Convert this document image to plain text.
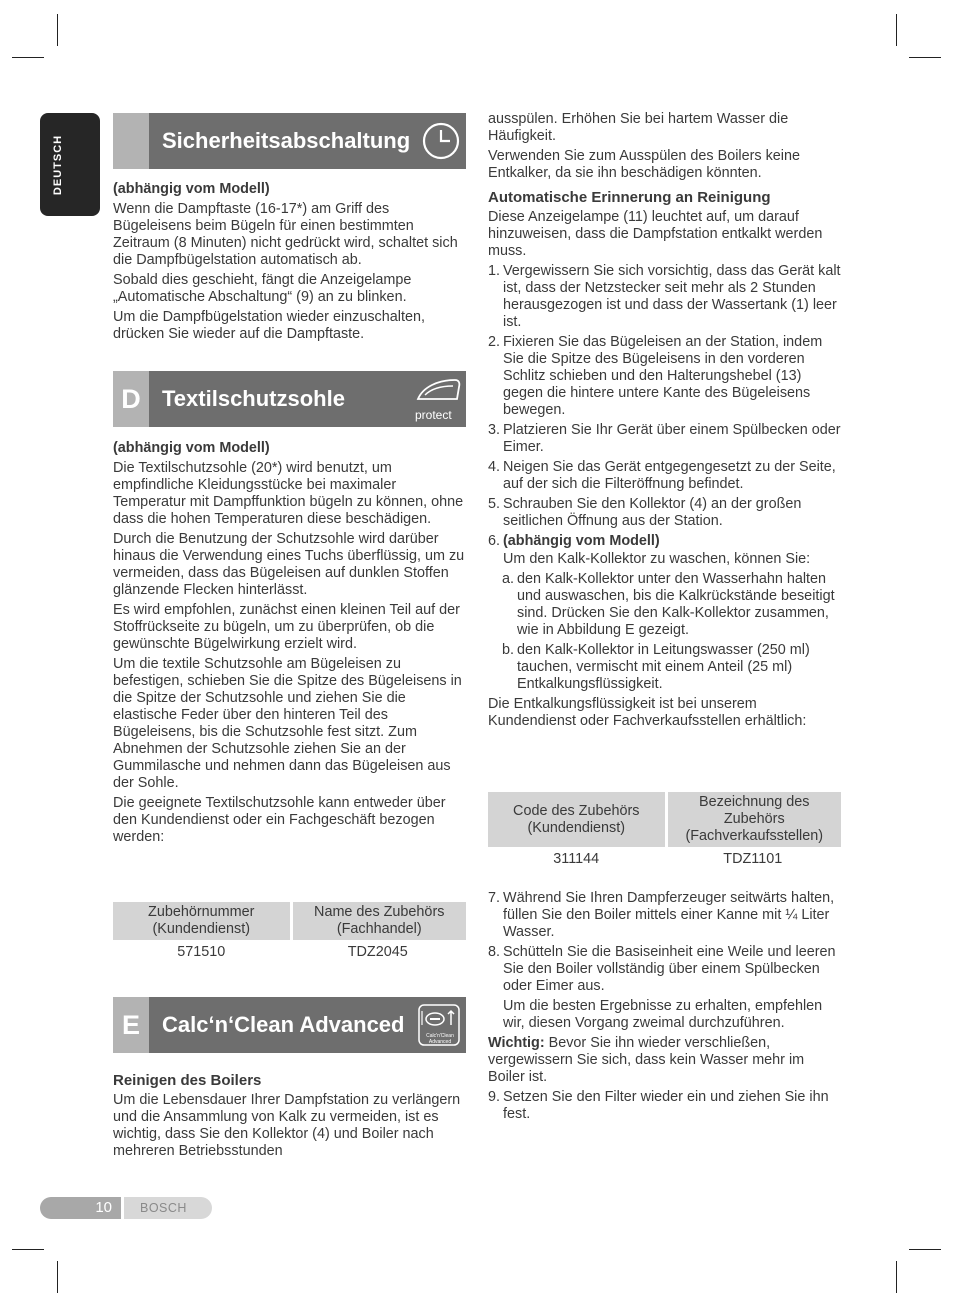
DEUTSCH	Sicherheitsabschaltung

(abhängig vom Modell)

Wenn die Dampftaste (16-17*) am Griff des Bügeleisens beim Bügeln für einen bestimmten Zeitraum (8 Minuten) nicht gedrückt wird, schaltet sich die Dampfbügelstation automatisch ab.

Sobald dies geschieht, fängt die Anzeigelampe „Automatische Abschaltung“ (9) an zu blinken.

Um die Dampfbügelstation wieder einzuschalten, drücken Sie wieder auf die Dampftaste.

D Textilschutzsohle
protect

(abhängig vom Modell)

Die Textilschutzsohle (20*) wird benutzt, um empfindliche Kleidungsstücke bei maximaler Temperatur mit Dampffunktion bügeln zu können, ohne dass die hohen Temperaturen diese beschädigen.

Durch die Benutzung der Schutzsohle wird darüber hinaus die Verwendung eines Tuchs überflüssig, um zu vermeiden, dass das Bügeleisen auf dunklen Stoffen glänzende Flecken hinterlässt.

Es wird empfohlen, zunächst einen kleinen Teil auf der Stoffrückseite zu bügeln, um zu überprüfen, ob die gewünschte Bügelwirkung erzielt wird.

Um die textile Schutzsohle am Bügeleisen zu befestigen, schieben Sie die Spitze des Bügeleisens in die Spitze der Schutzsohle und ziehen Sie die elastische Feder über den hinteren Teil des Bügeleisens, bis die Schutzsohle fest sitzt. Zum Abnehmen der Schutzsohle ziehen Sie an der Gummilasche und nehmen dann das Bügeleisen aus der Sohle.

Die geeignete Textilschutzsohle kann entweder über den Kundendienst oder ein Fachgeschäft bezogen werden:

Zubehörnummer (Kundendienst)	Name des Zubehörs (Fachhandel)
571510	TDZ2045
E	Calc‘n‘Clean Advanced	Calc'n'Clean Advanced

Reinigen des Boilers

Um die Lebensdauer Ihrer Dampfstation zu verlängern und die Ansammlung von Kalk zu vermeiden, ist es wichtig, dass Sie den Kollektor (4) und Boiler nach mehreren Betriebsstunden

ausspülen. Erhöhen Sie bei hartem Wasser die Häufigkeit.

Verwenden Sie zum Ausspülen des Boilers keine Entkalker, da sie ihn beschädigen könnten.

Automatische Erinnerung an Reinigung

Diese Anzeigelampe (11) leuchtet auf, um darauf hinzuweisen, dass die Dampfstation entkalkt werden muss.

1. Vergewissern Sie sich vorsichtig, dass das Gerät kalt ist, dass der Netzstecker seit mehr als 2 Stunden herausgezogen ist und dass der Wassertank (1) leer ist.
2. Fixieren Sie das Bügeleisen an der Station, indem Sie die Spitze des Bügeleisens in den vorderen Schlitz schieben und den Halterungshebel (13) gegen die hintere untere Kante des Bügeleisens bewegen.
3. Platzieren Sie Ihr Gerät über einem Spülbecken oder Eimer.
4. Neigen Sie das Gerät entgegengesetzt zu der Seite, auf der sich die Filteröffnung befindet.
5. Schrauben Sie den Kollektor (4) an der großen seitlichen Öffnung aus der Station.
6. (abhängig vom Modell)
Um den Kalk-Kollektor zu waschen, können Sie:
a. den Kalk-Kollektor unter den Wasserhahn halten und auswaschen, bis die Kalkrückstände beseitigt sind. Drücken Sie den Kalk-Kollektor zusammen, wie in Abbildung E gezeigt.
b. den Kalk-Kollektor in Leitungswasser (250 ml) tauchen, vermischt mit einem Anteil (25 ml) Entkalkungsflüssigkeit.

Die Entkalkungsflüssigkeit ist bei unserem Kundendienst oder Fachverkaufsstellen erhältlich:

Code des Zubehörs (Kundendienst)	Bezeichnung des Zubehörs (Fachverkaufsstellen)
311144	TDZ1101
7. Während Sie Ihren Dampferzeuger seitwärts halten, füllen Sie den Boiler mittels einer Kanne mit ¼ Liter Wasser.
8. Schütteln Sie die Basiseinheit eine Weile und leeren Sie den Boiler vollständig über einem Spülbecken oder Eimer aus.
Um die besten Ergebnisse zu erhalten, empfehlen wir, diesen Vorgang zweimal durchzuführen.

Wichtig: Bevor Sie ihn wieder verschließen, vergewissern Sie sich, dass kein Wasser mehr im Boiler ist.

9. Setzen Sie den Filter wieder ein und ziehen Sie ihn fest.
10	BOSCH
